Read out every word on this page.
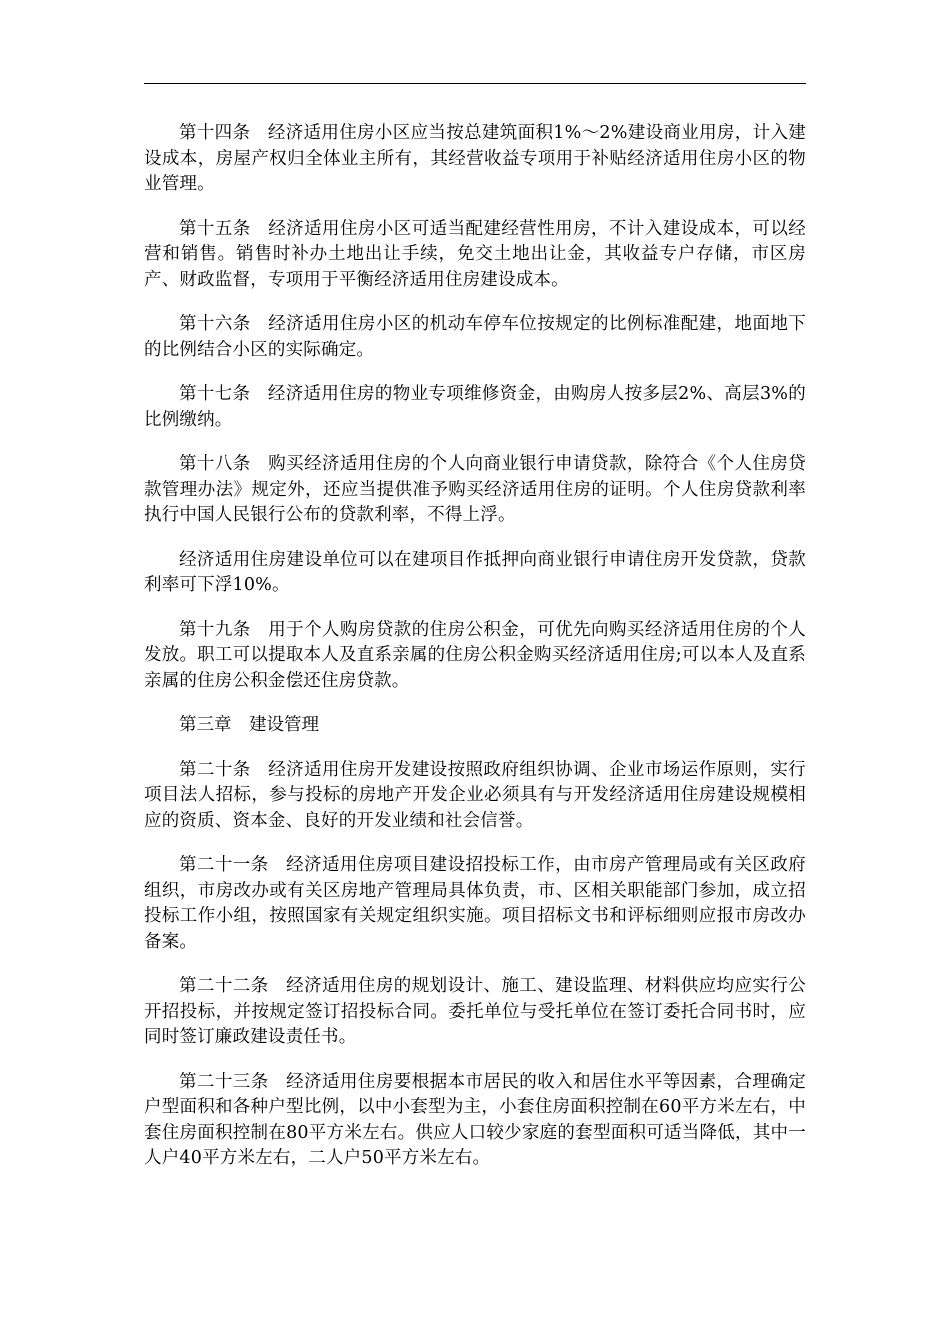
第十四条 经济适用住房小区应当按总建筑面积1%～2%建设商业用房，计入建设成本，房屋产权归全体业主所有，其经营收益专项用于补贴经济适用住房小区的物业管理。

第十五条 经济适用住房小区可适当配建经营性用房，不计入建设成本，可以经营和销售。销售时补办土地出让手续，免交土地出让金，其收益专户存储，市区房产、财政监督，专项用于平衡经济适用住房建设成本。

第十六条 经济适用住房小区的机动车停车位按规定的比例标准配建，地面地下的比例结合小区的实际确定。

第十七条 经济适用住房的物业专项维修资金，由购房人按多层2%、高层3%的比例缴纳。

第十八条 购买经济适用住房的个人向商业银行申请贷款，除符合《个人住房贷款管理办法》规定外，还应当提供准予购买经济适用住房的证明。个人住房贷款利率执行中国人民银行公布的贷款利率，不得上浮。

经济适用住房建设单位可以在建项目作抵押向商业银行申请住房开发贷款，贷款利率可下浮10%。

第十九条 用于个人购房贷款的住房公积金，可优先向购买经济适用住房的个人发放。职工可以提取本人及直系亲属的住房公积金购买经济适用住房;可以本人及直系亲属的住房公积金偿还住房贷款。

第三章 建设管理

第二十条 经济适用住房开发建设按照政府组织协调、企业市场运作原则，实行项目法人招标，参与投标的房地产开发企业必须具有与开发经济适用住房建设规模相应的资质、资本金、良好的开发业绩和社会信誉。

第二十一条 经济适用住房项目建设招投标工作，由市房产管理局或有关区政府组织，市房改办或有关区房地产管理局具体负责，市、区相关职能部门参加，成立招投标工作小组，按照国家有关规定组织实施。项目招标文书和评标细则应报市房改办备案。

第二十二条 经济适用住房的规划设计、施工、建设监理、材料供应均应实行公开招投标，并按规定签订招投标合同。委托单位与受托单位在签订委托合同书时，应同时签订廉政建设责任书。

第二十三条 经济适用住房要根据本市居民的收入和居住水平等因素，合理确定户型面积和各种户型比例，以中小套型为主，小套住房面积控制在60平方米左右，中套住房面积控制在80平方米左右。供应人口较少家庭的套型面积可适当降低，其中一人户40平方米左右，二人户50平方米左右。
